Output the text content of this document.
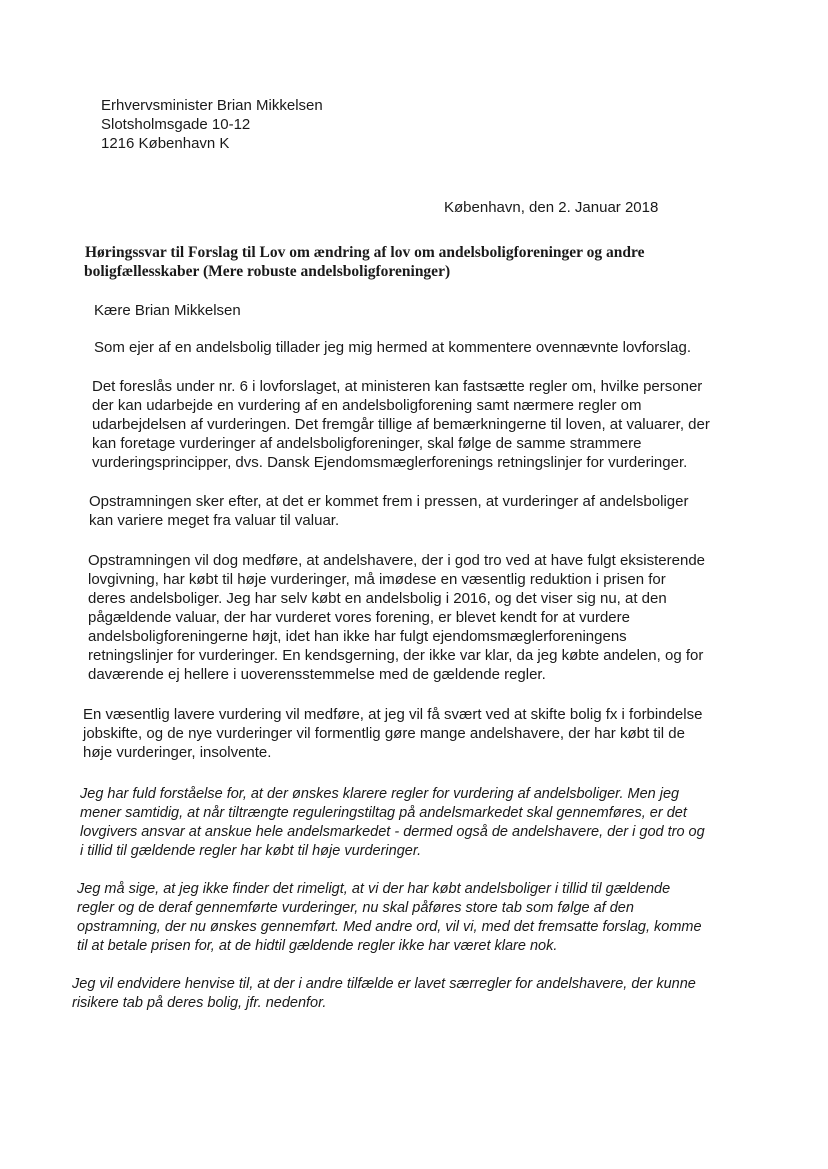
Erhvervsminister Brian Mikkelsen
Slotsholmsgade 10-12
1216 København K
København, den 2. Januar 2018
Høringssvar til Forslag til Lov om ændring af lov om andelsboligforeninger og andre
boligfællesskaber (Mere robuste andelsboligforeninger)
Kære Brian Mikkelsen
Som ejer af en andelsbolig tillader jeg mig hermed at kommentere ovennævnte lovforslag.
Det foreslås under nr. 6 i lovforslaget, at ministeren kan fastsætte regler om, hvilke personer
der kan udarbejde en vurdering af en andelsboligforening samt nærmere regler om
udarbejdelsen af vurderingen. Det fremgår tillige af bemærkningerne til loven, at valuarer, der
kan foretage vurderinger af andelsboligforeninger, skal følge de samme strammere
vurderingsprincipper, dvs. Dansk Ejendomsmæglerforenings retningslinjer for vurderinger.
Opstramningen sker efter, at det er kommet frem i pressen, at vurderinger af andelsboliger
kan variere meget fra valuar til valuar.
Opstramningen vil dog medføre, at andelshavere, der i god tro ved at have fulgt eksisterende
lovgivning, har købt til høje vurderinger, må imødese en væsentlig reduktion i prisen for
deres andelsboliger. Jeg har selv købt en andelsbolig i 2016, og det viser sig nu, at den
pågældende valuar, der har vurderet vores forening, er blevet kendt for at vurdere
andelsboligforeningerne højt, idet han ikke har fulgt ejendomsmæglerforeningens
retningslinjer for vurderinger. En kendsgerning, der ikke var klar, da jeg købte andelen, og for
daværende ej hellere i uoverensstemmelse med de gældende regler.
En væsentlig lavere vurdering vil medføre, at jeg vil få svært ved at skifte bolig fx i forbindelse
jobskifte, og de nye vurderinger vil formentlig gøre mange andelshavere, der har købt til de
høje vurderinger, insolvente.
Jeg har fuld forståelse for, at der ønskes klarere regler for vurdering af andelsboliger. Men jeg
mener samtidig, at når tiltrængte reguleringstiltag på andelsmarkedet skal gennemføres, er det
lovgivers ansvar at anskue hele andelsmarkedet - dermed også de andelshavere, der i god tro og
i tillid til gældende regler har købt til høje vurderinger.
Jeg må sige, at jeg ikke finder det rimeligt, at vi der har købt andelsboliger i tillid til gældende
regler og de deraf gennemførte vurderinger, nu skal påføres store tab som følge af den
opstramning, der nu ønskes gennemført. Med andre ord, vil vi, med det fremsatte forslag, komme
til at betale prisen for, at de hidtil gældende regler ikke har været klare nok.
Jeg vil endvidere henvise til, at der i andre tilfælde er lavet særregler for andelshavere, der kunne
risikere tab på deres bolig, jfr. nedenfor.
